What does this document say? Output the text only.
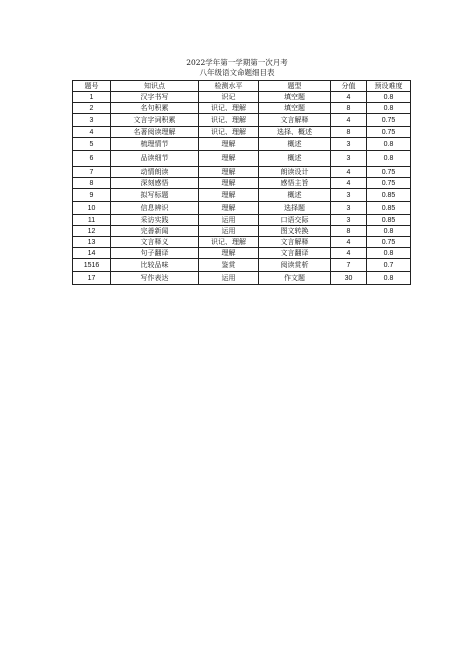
2022学年第一学期第一次月考
八年级语文命题细目表
题号	知识点	检测水平	题型	分值	预设难度
1	汉字书写	识记	填空题	4	0.8
2	名句积累	识记、理解	填空题	8	0.8
3	文言字词积累	识记、理解	文言解释	4	0.75
4	名著阅读理解	识记、理解	选择、概述	8	0.75
5	梳理情节	理解	概述	3	0.8
6	品读细节	理解	概述	3	0.8
7	动情朗读	理解	朗读设计	4	0.75
8	深刻感悟	理解	感悟主旨	4	0.75
9	拟写标题	理解	概述	3	0.85
10	信息辨识	理解	选择题	3	0.85
11	采访实践	运用	口语交际	3	0.85
12	完善新闻	运用	图文转换	8	0.8
13	文言释义	识记、理解	文言解释	4	0.75
14	句子翻译	理解	文言翻译	4	0.8
1516	比较品味	鉴赏	阅读赏析	7	0.7
17	写作表达	运用	作文题	30	0.8
